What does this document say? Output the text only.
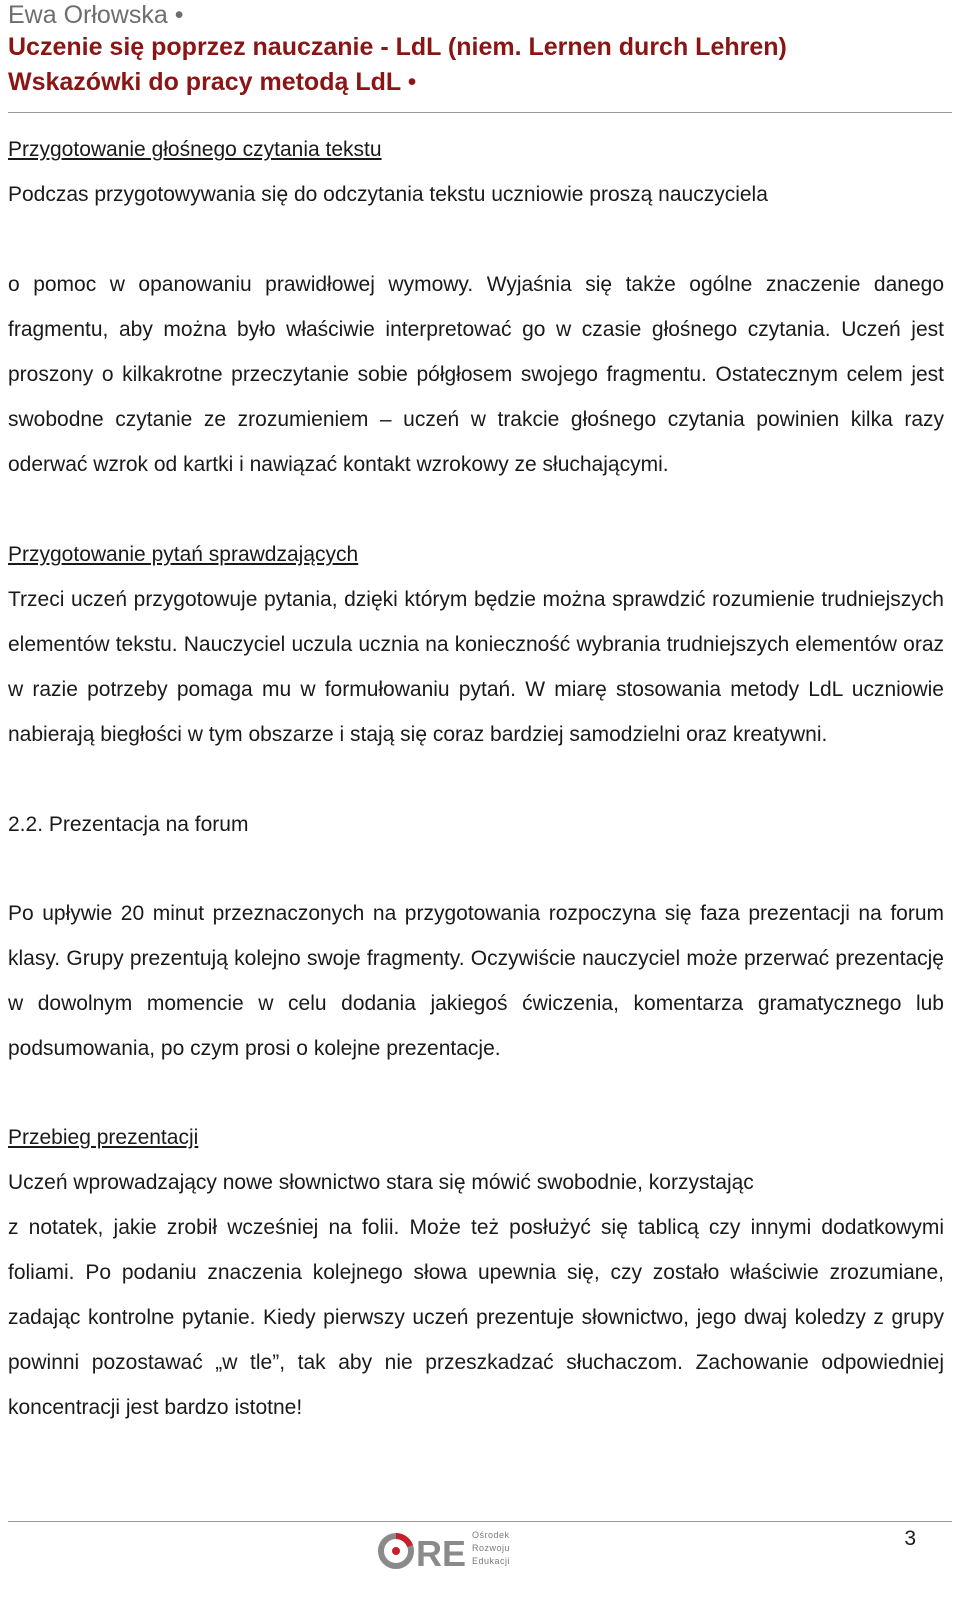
Ewa Orłowska •
Uczenie się poprzez nauczanie - LdL (niem. Lernen durch Lehren)
Wskazówki do pracy metodą LdL •

Przygotowanie głośnego czytania tekstu

Podczas przygotowywania się do odczytania tekstu uczniowie proszą nauczyciela

o pomoc w opanowaniu prawidłowej wymowy. Wyjaśnia się także ogólne znaczenie danego fragmentu, aby można było właściwie interpretować go w czasie głośnego czytania. Uczeń jest proszony o kilkakrotne przeczytanie sobie półgłosem swojego fragmentu. Ostatecznym celem jest swobodne czytanie ze zrozumieniem – uczeń w trakcie głośnego czytania powinien kilka razy oderwać wzrok od kartki i nawiązać kontakt wzrokowy ze słuchającymi.

Przygotowanie pytań sprawdzających

Trzeci uczeń przygotowuje pytania, dzięki którym będzie można sprawdzić rozumienie trudniejszych elementów tekstu. Nauczyciel uczula ucznia na konieczność wybrania trudniejszych elementów oraz w razie potrzeby pomaga mu w formułowaniu pytań. W miarę stosowania metody LdL uczniowie nabierają biegłości w tym obszarze i stają się coraz bardziej samodzielni oraz kreatywni.

2.2. Prezentacja na forum

Po upływie 20 minut przeznaczonych na przygotowania rozpoczyna się faza prezentacji na forum klasy. Grupy prezentują kolejno swoje fragmenty. Oczywiście nauczyciel może przerwać prezentację w dowolnym momencie w celu dodania jakiegoś ćwiczenia, komentarza gramatycznego lub podsumowania, po czym prosi o kolejne prezentacje.

Przebieg prezentacji

Uczeń wprowadzający nowe słownictwo stara się mówić swobodnie, korzystając

z notatek, jakie zrobił wcześniej na folii. Może też posłużyć się tablicą czy innymi dodatkowymi foliami. Po podaniu znaczenia kolejnego słowa upewnia się, czy zostało właściwie zrozumiane, zadając kontrolne pytanie. Kiedy pierwszy uczeń prezentuje słownictwo, jego dwaj koledzy z grupy powinni pozostawać „w tle”, tak aby nie przeszkadzać słuchaczom. Zachowanie odpowiedniej koncentracji jest bardzo istotne!

RE Ośrodek
Rozwoju
Edukacji
3
